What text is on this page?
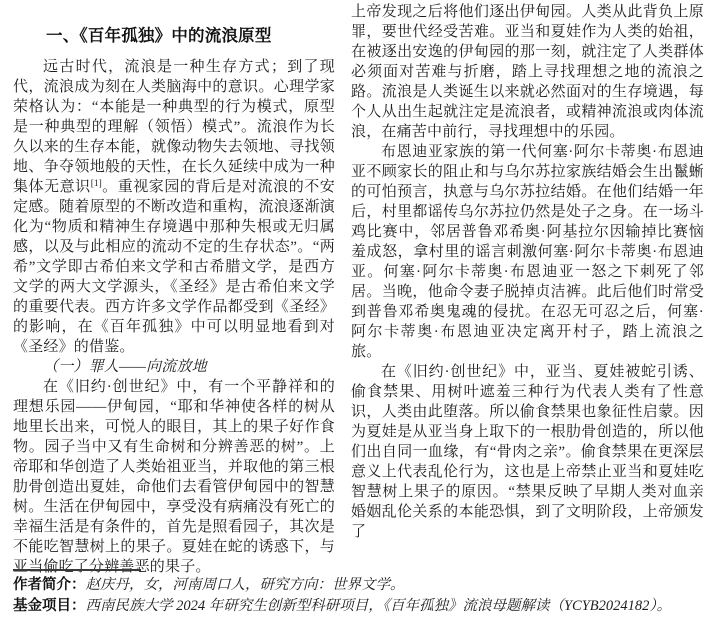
一、《百年孤独》中的流浪原型

远古时代，流浪是一种生存方式；到了现代，流浪成为刻在人类脑海中的意识。心理学家荣格认为：“本能是一种典型的行为模式，原型是一种典型的理解（领悟）模式”。流浪作为长久以来的生存本能，就像动物失去领地、寻找领地、争夺领地般的天性，在长久延续中成为一种集体无意识[1]。重视家园的背后是对流浪的不安定感。随着原型的不断改造和重构，流浪逐渐演化为“物质和精神生存境遇中那种失根或无归属感，以及与此相应的流动不定的生存状态”。“两希”文学即古希伯来文学和古希腊文学，是西方文学的两大文学源头，《圣经》是古希伯来文学的重要代表。西方许多文学作品都受到《圣经》的影响，在《百年孤独》中可以明显地看到对《圣经》的借鉴。

（一）罪人——向流放地

在《旧约·创世纪》中，有一个平静祥和的理想乐园——伊甸园，“耶和华神使各样的树从地里长出来，可悦人的眼目，其上的果子好作食物。园子当中又有生命树和分辨善恶的树”。上帝耶和华创造了人类始祖亚当，并取他的第三根肋骨创造出夏娃，命他们去看管伊甸园中的智慧树。生活在伊甸园中，享受没有病痛没有死亡的幸福生活是有条件的，首先是照看园子，其次是不能吃智慧树上的果子。夏娃在蛇的诱惑下，与亚当偷吃了分辨善恶的果子。

上帝发现之后将他们逐出伊甸园。人类从此背负上原罪，要世代经受苦难。亚当和夏娃作为人类的始祖，在被逐出安逸的伊甸园的那一刻，就注定了人类群体必须面对苦难与折磨，踏上寻找理想之地的流浪之路。流浪是人类诞生以来就必然面对的生存境遇，每个人从出生起就注定是流浪者，或精神流浪或肉体流浪，在痛苦中前行，寻找理想中的乐园。

布恩迪亚家族的第一代何塞·阿尔卡蒂奥·布恩迪亚不顾家长的阻止和与乌尔苏拉家族结婚会生出鬣蜥的可怕预言，执意与乌尔苏拉结婚。在他们结婚一年后，村里都谣传乌尔苏拉仍然是处子之身。在一场斗鸡比赛中，邻居普鲁邓希奥·阿基拉尔因输掉比赛恼羞成怒，拿村里的谣言刺激何塞·阿尔卡蒂奥·布恩迪亚。何塞·阿尔卡蒂奥·布恩迪亚一怒之下刺死了邻居。当晚，他命令妻子脱掉贞洁裤。此后他们时常受到普鲁邓希奥鬼魂的侵扰。在忍无可忍之后，何塞·阿尔卡蒂奥·布恩迪亚决定离开村子，踏上流浪之旅。

在《旧约·创世纪》中，亚当、夏娃被蛇引诱、偷食禁果、用树叶遮羞三种行为代表人类有了性意识，人类由此堕落。所以偷食禁果也象征性启蒙。因为夏娃是从亚当身上取下的一根肋骨创造的，所以他们出自同一血缘，有“骨肉之亲”。偷食禁果在更深层意义上代表乱伦行为，这也是上帝禁止亚当和夏娃吃智慧树上果子的原因。“禁果反映了早期人类对血亲婚姻乱伦关系的本能恐惧，到了文明阶段，上帝颁发了

作者简介：赵庆丹，女，河南周口人，研究方向：世界文学。

基金项目：西南民族大学 2024 年研究生创新型科研项目，《百年孤独》流浪母题解读（YCYB2024182）。
